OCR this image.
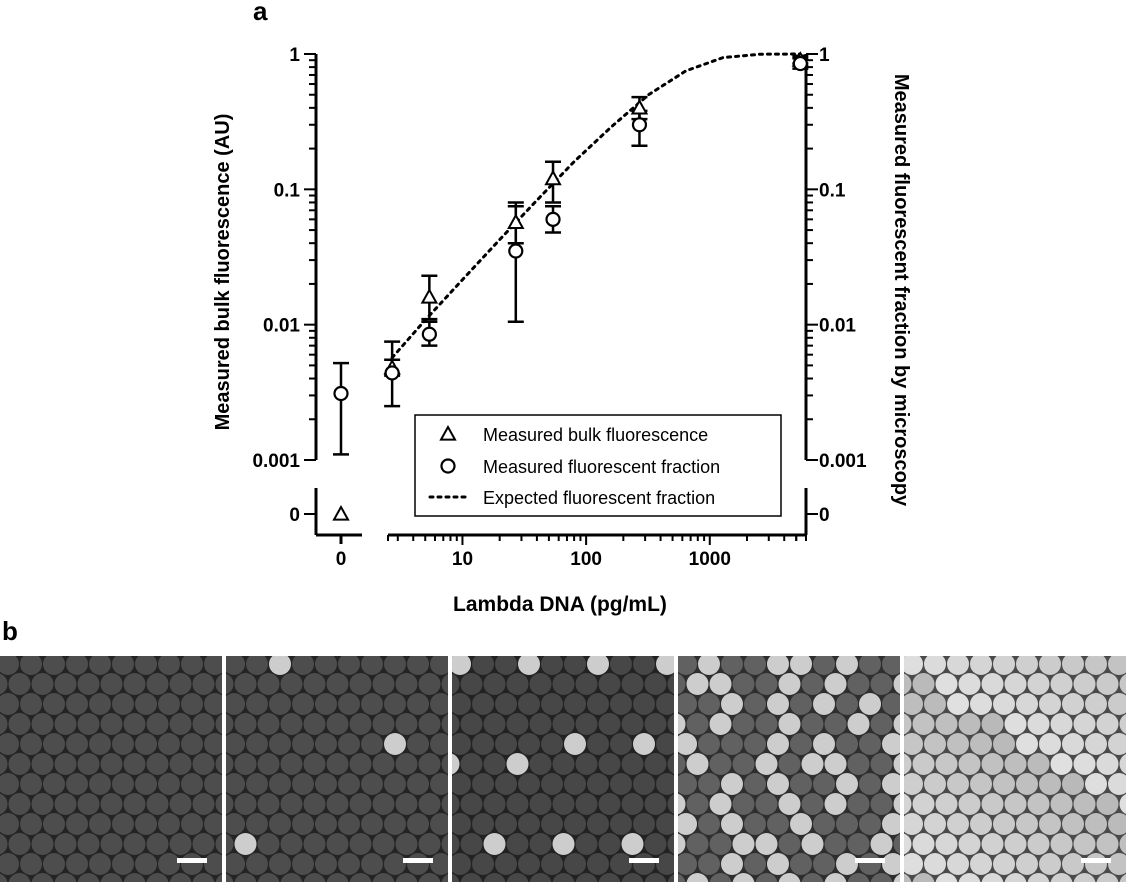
a
0
0.001
0.01
0.1
1
0
0.001
0.01
0.1
1
0	10	100	1000
Lambda DNA (pg/mL)
Measured bulk fluorescence (AU)	Measured fluorescent fraction by microscopy
Measured bulk fluorescence
Measured fluorescent fraction
Expected fluorescent fraction
b
